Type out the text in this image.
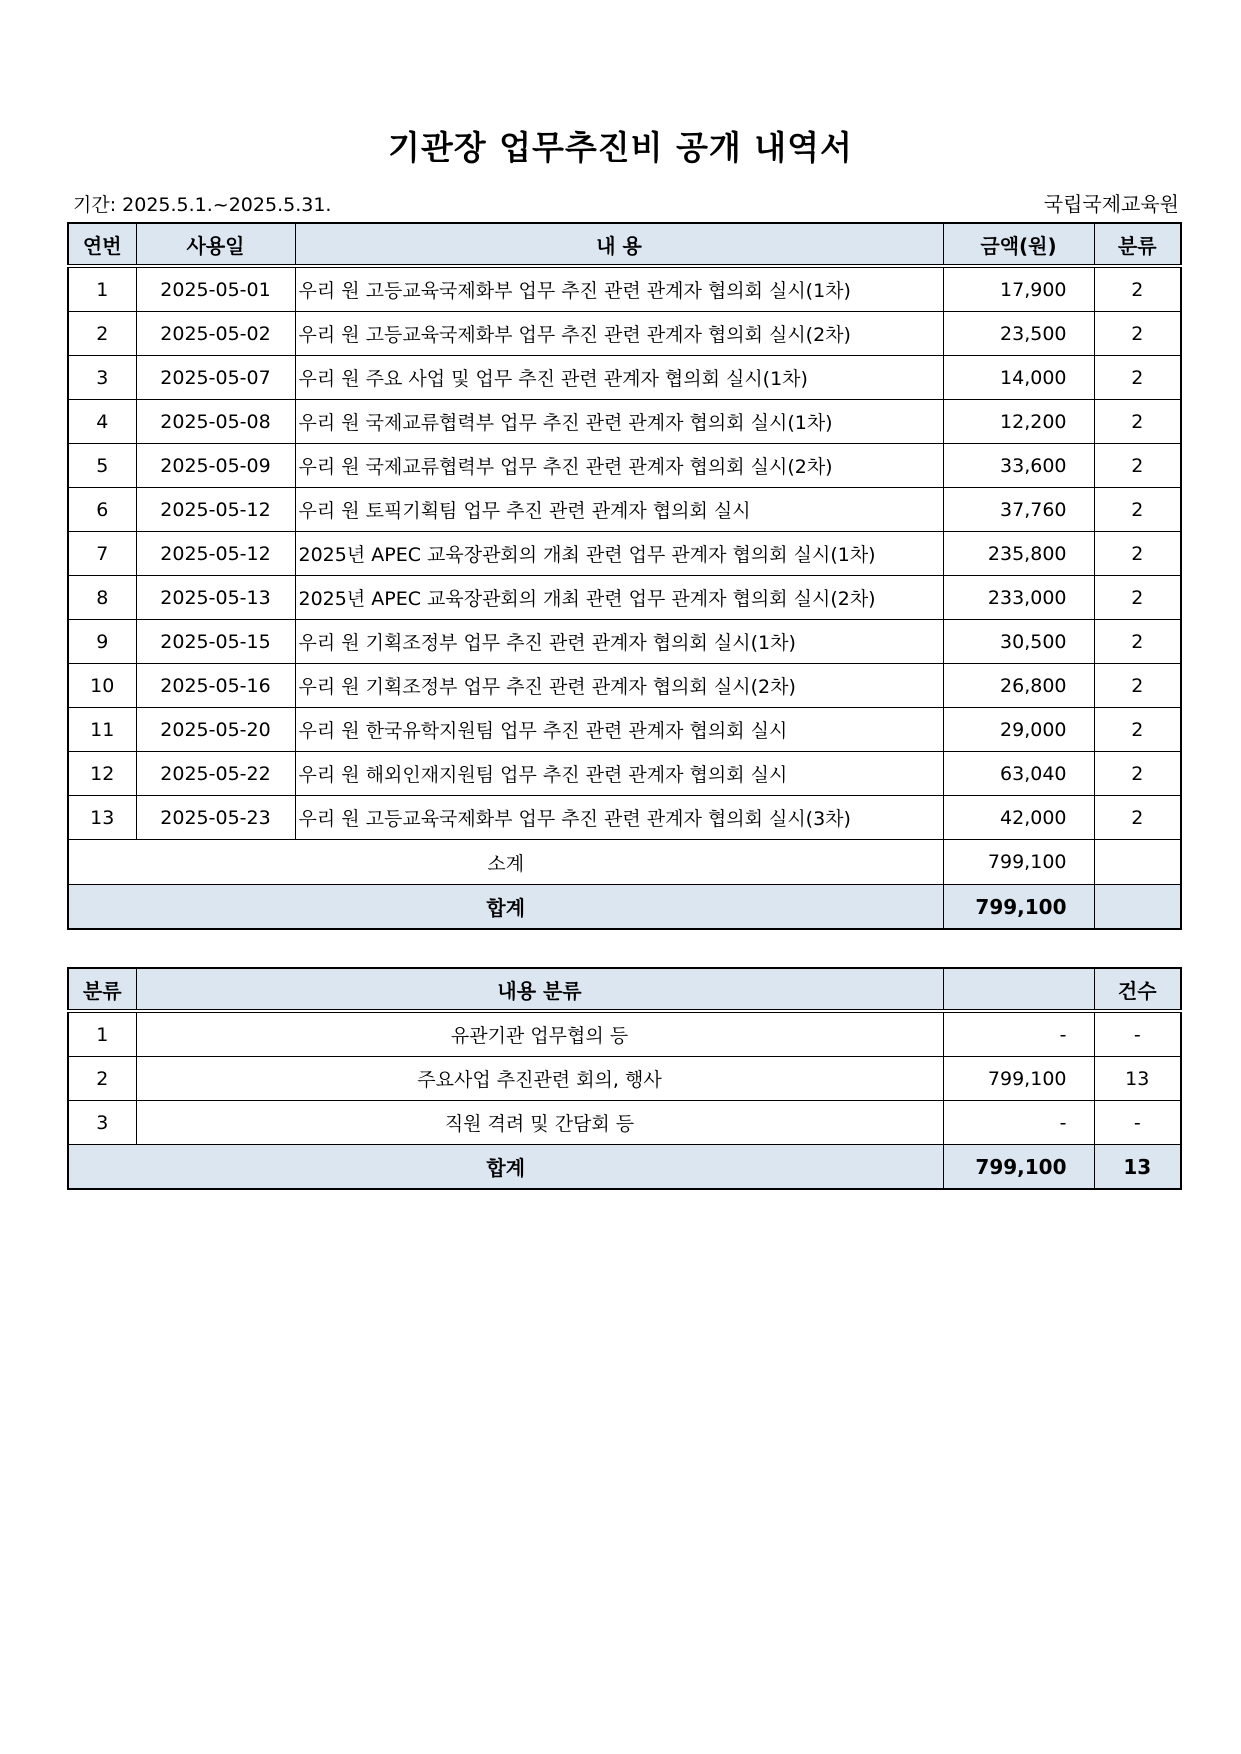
기관장 업무추진비 공개 내역서
기간: 2025.5.1.~2025.5.31.	국립국제교육원
연번	사용일	내 용	금액(원)	분류
1	2025-05-01	우리 원 고등교육국제화부 업무 추진 관련 관계자 협의회 실시(1차)	17,900	2
2	2025-05-02	우리 원 고등교육국제화부 업무 추진 관련 관계자 협의회 실시(2차)	23,500	2
3	2025-05-07	우리 원 주요 사업 및 업무 추진 관련 관계자 협의회 실시(1차)	14,000	2
4	2025-05-08	우리 원 국제교류협력부 업무 추진 관련 관계자 협의회 실시(1차)	12,200	2
5	2025-05-09	우리 원 국제교류협력부 업무 추진 관련 관계자 협의회 실시(2차)	33,600	2
6	2025-05-12	우리 원 토픽기획팀 업무 추진 관련 관계자 협의회 실시	37,760	2
7	2025-05-12	2025년 APEC 교육장관회의 개최 관련 업무 관계자 협의회 실시(1차)	235,800	2
8	2025-05-13	2025년 APEC 교육장관회의 개최 관련 업무 관계자 협의회 실시(2차)	233,000	2
9	2025-05-15	우리 원 기획조정부 업무 추진 관련 관계자 협의회 실시(1차)	30,500	2
10	2025-05-16	우리 원 기획조정부 업무 추진 관련 관계자 협의회 실시(2차)	26,800	2
11	2025-05-20	우리 원 한국유학지원팀 업무 추진 관련 관계자 협의회 실시	29,000	2
12	2025-05-22	우리 원 해외인재지원팀 업무 추진 관련 관계자 협의회 실시	63,040	2
13	2025-05-23	우리 원 고등교육국제화부 업무 추진 관련 관계자 협의회 실시(3차)	42,000	2
소계			799,100	
합계			799,100	
분류	내용 분류		건수
1	유관기관 업무협의 등	-	-
2	주요사업 추진관련 회의, 행사	799,100	13
3	직원 격려 및 간담회 등	-	-
합계		799,100	13
